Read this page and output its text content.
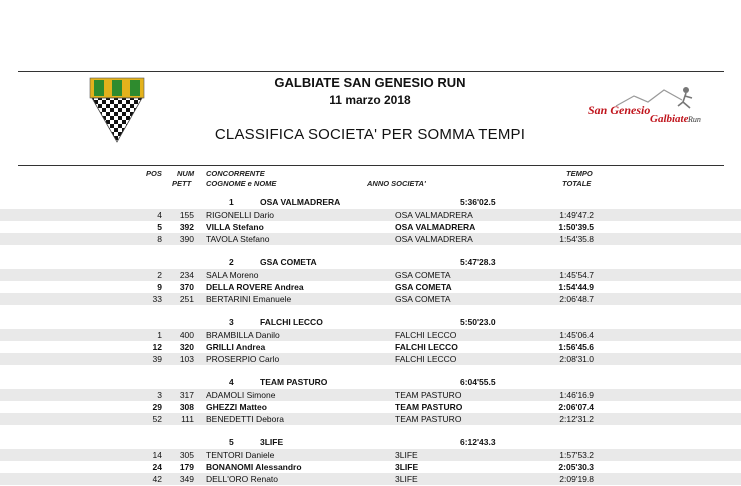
San Genesio
Galbiate Run
GALBIATE SAN GENESIO RUN
11 marzo 2018
CLASSIFICA SOCIETA' PER SOMMA TEMPI
POS NUM
PETT
CONCORRENTE
COGNOME e NOME	ANNO SOCIETA'
TEMPO
TOTALE
1	OSA VALMADRERA	5:36'02.5
4	155 RIGONELLI Dario	OSA VALMADRERA	1:49'47.2
5	392 VILLA Stefano	OSA VALMADRERA	1:50'39.5
8	390 TAVOLA Stefano	OSA VALMADRERA	1:54'35.8
2	GSA COMETA	5:47'28.3
2	234 SALA Moreno	GSA COMETA	1:45'54.7
9	370 DELLA ROVERE Andrea	GSA COMETA	1:54'44.9
33	251 BERTARINI Emanuele	GSA COMETA	2:06'48.7
3	FALCHI LECCO	5:50'23.0
1	400 BRAMBILLA Danilo	FALCHI LECCO	1:45'06.4
12	320 GRILLI Andrea	FALCHI LECCO	1:56'45.6
39	103 PROSERPIO Carlo	FALCHI LECCO	2:08'31.0
4	TEAM PASTURO	6:04'55.5
3	317 ADAMOLI Simone	TEAM PASTURO	1:46'16.9
29	308 GHEZZI Matteo	TEAM PASTURO	2:06'07.4
52	111 BENEDETTI Debora	TEAM PASTURO	2:12'31.2
5	3LIFE	6:12'43.3
14	305 TENTORI Daniele	3LIFE	1:57'53.2
24	179 BONANOMI Alessandro	3LIFE	2:05'30.3
42	349 DELL'ORO Renato	3LIFE	2:09'19.8
